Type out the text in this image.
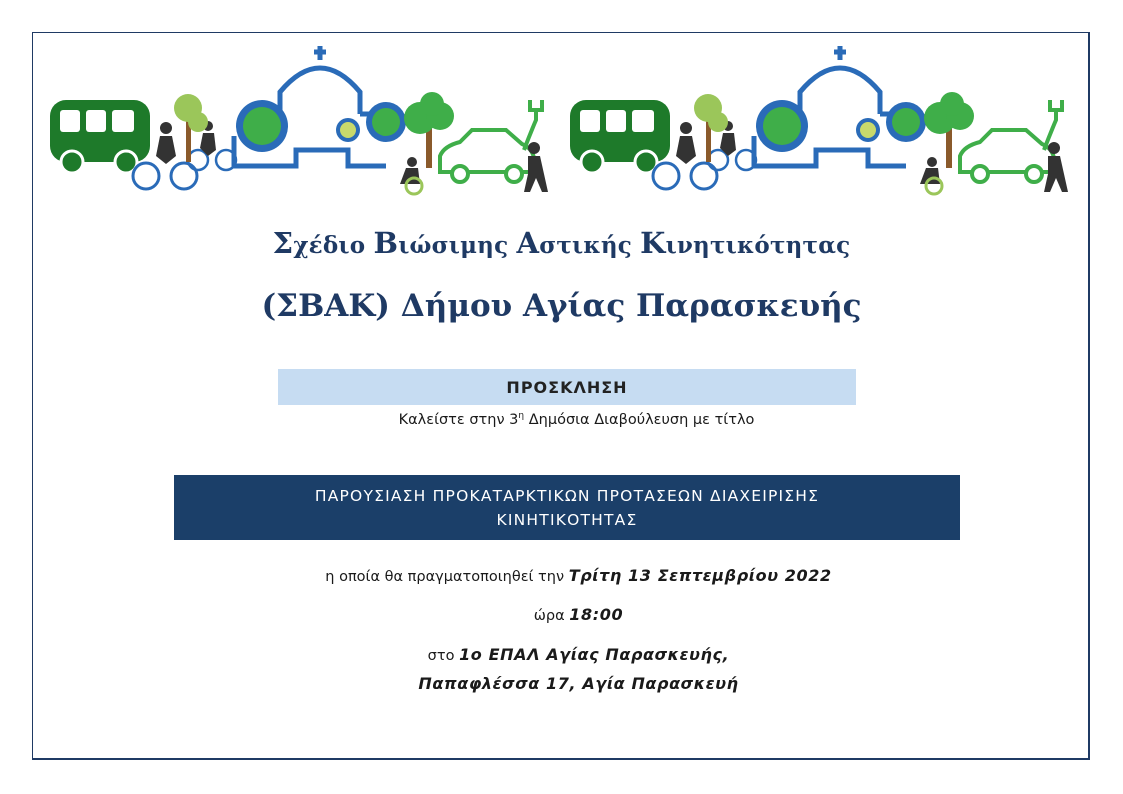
Σχέδιο Βιώσιμης Αστικής Κινητικότητας
(ΣΒΑΚ) Δήμου Αγίας Παρασκευής
ΠΡΟΣΚΛΗΣΗ
Καλείστε στην $3^\eta$ Δημόσια Διαβούλευση με τίτλο
ΠΑΡΟΥΣΙΑΣΗ ΠΡΟΚΑΤΑΡΚΤΙΚΩΝ ΠΡΟΤΑΣΕΩΝ ΔΙΑΧΕΙΡΙΣΗΣ
ΚΙΝΗΤΙΚΟΤΗΤΑΣ
η οποία θα πραγματοποιηθεί την Τρίτη 13 Σεπτεμβρίου 2022
ώρα 18:00
στο 1ο ΕΠΑΛ Αγίας Παρασκευής,
Παπαφλέσσα 17, Αγία Παρασκευή
